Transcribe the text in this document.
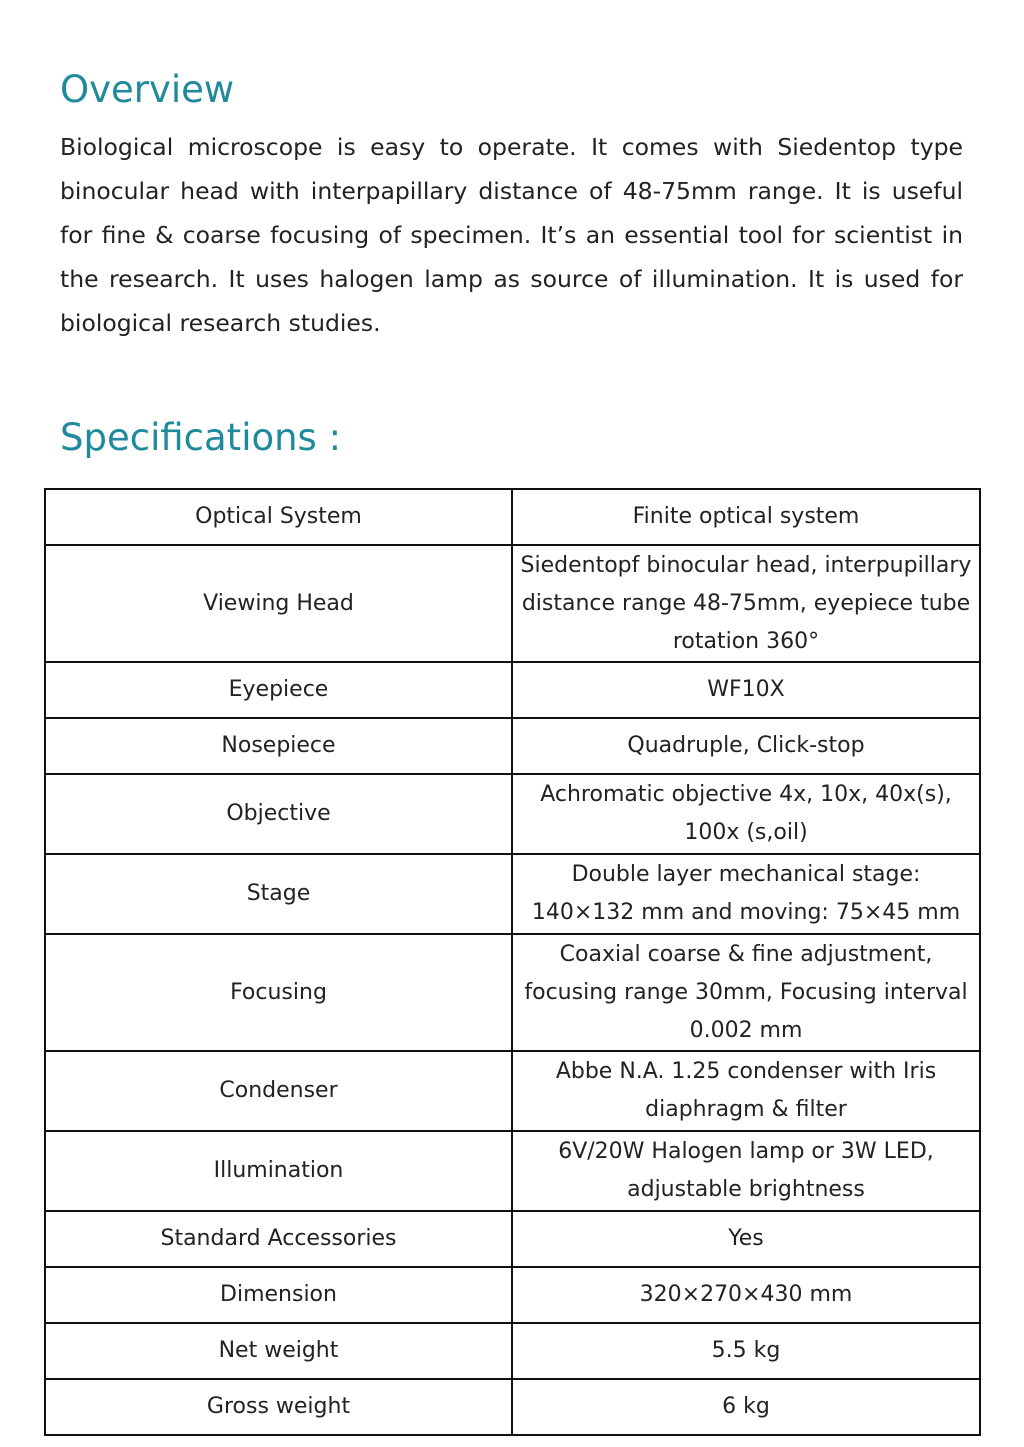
Overview

Biological microscope is easy to operate. It comes with Siedentop type binocular head with interpapillary distance of 48-75mm range. It is useful for fine & coarse focusing of specimen. It’s an essential tool for scientist in the research. It uses halogen lamp as source of illumination. It is used for biological research studies.

Specifications :
Optical System	Finite optical system
Viewing Head	Siedentopf binocular head, interpupillary distance range 48-75mm, eyepiece tube rotation 360°
Eyepiece	WF10X
Nosepiece	Quadruple, Click-stop
Objective	Achromatic objective 4x, 10x, 40x(s), 100x (s,oil)
Stage	Double layer mechanical stage: 140×132 mm and moving: 75×45 mm
Focusing	Coaxial coarse & fine adjustment, focusing range 30mm, Focusing interval 0.002 mm
Condenser	Abbe N.A. 1.25 condenser with Iris diaphragm & filter
Illumination	6V/20W Halogen lamp or 3W LED, adjustable brightness
Standard Accessories	Yes
Dimension	320×270×430 mm
Net weight	5.5 kg
Gross weight	6 kg
